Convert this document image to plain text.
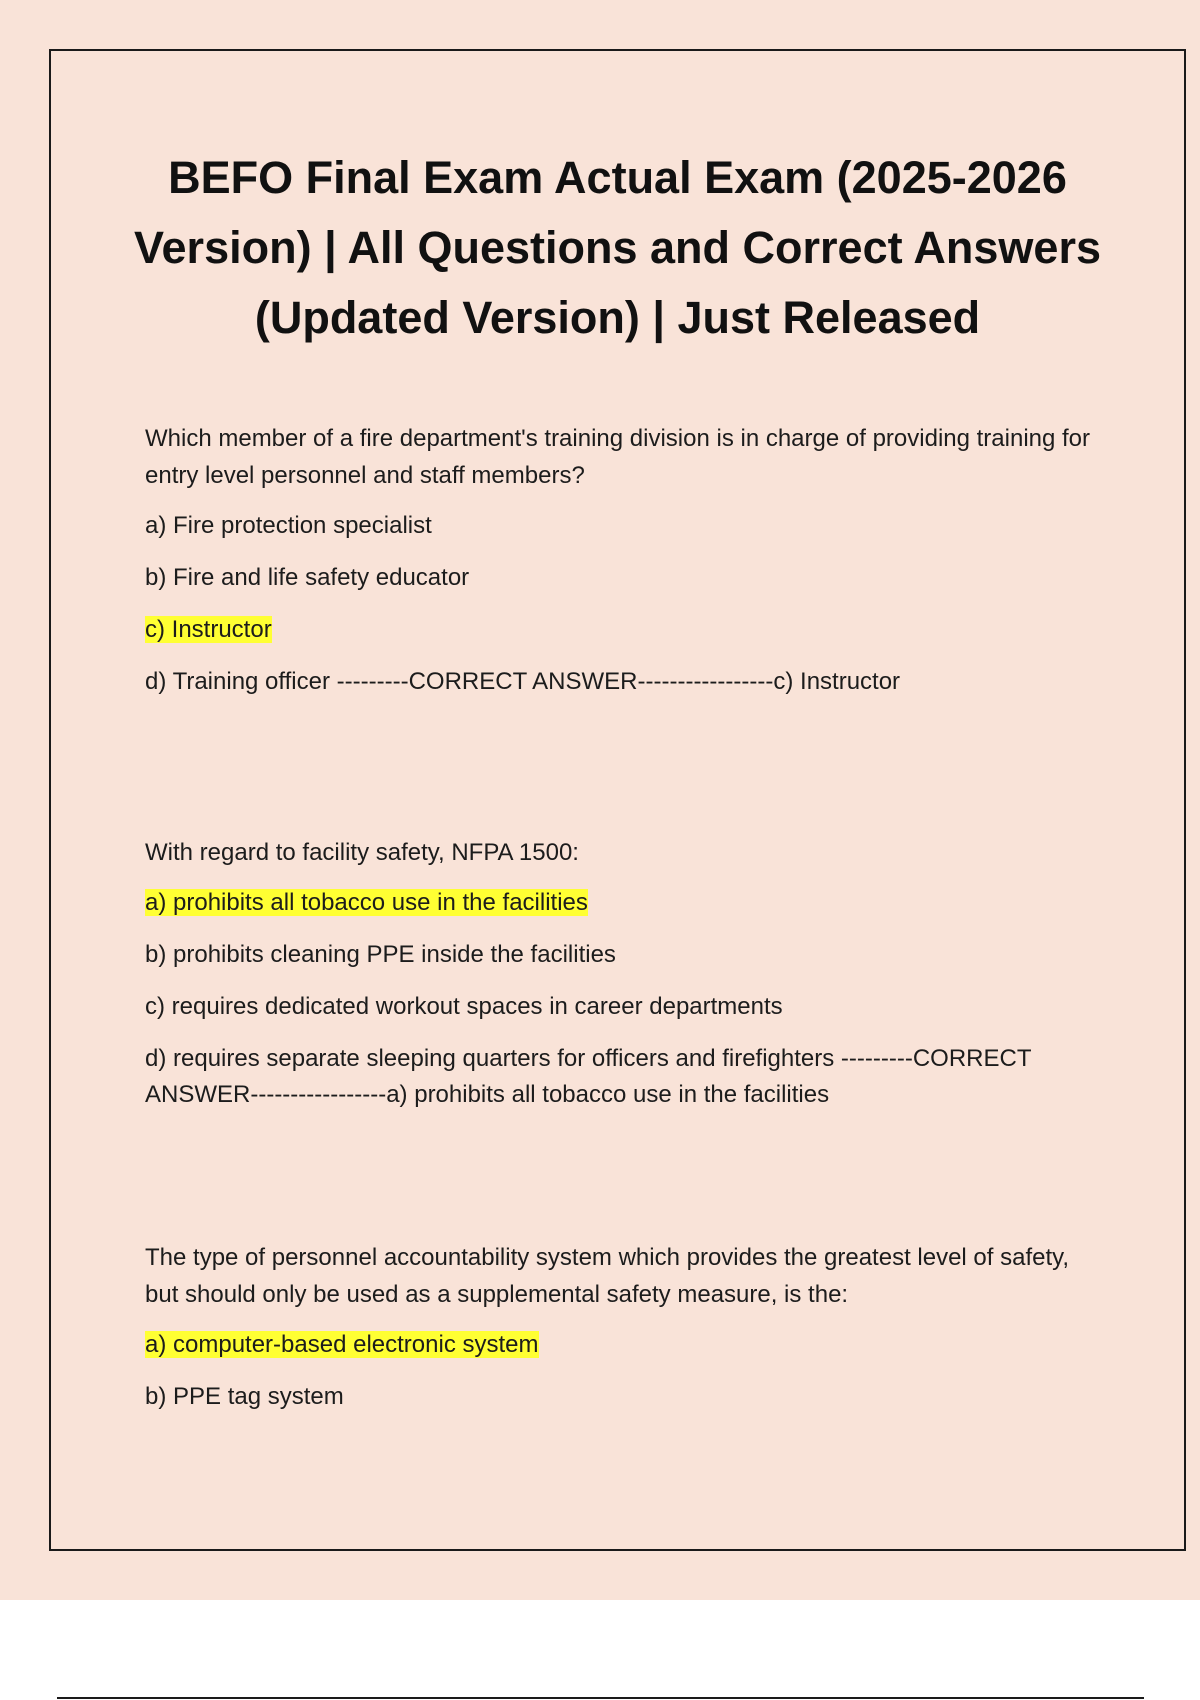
BEFO Final Exam Actual Exam (2025-2026 Version) | All Questions and Correct Answers (Updated Version) | Just Released

Which member of a fire department's training division is in charge of providing training for entry level personnel and staff members?

a) Fire protection specialist

b) Fire and life safety educator

c) Instructor

d) Training officer ---------CORRECT ANSWER-----------------c) Instructor

With regard to facility safety, NFPA 1500:

a) prohibits all tobacco use in the facilities

b) prohibits cleaning PPE inside the facilities

c) requires dedicated workout spaces in career departments

d) requires separate sleeping quarters for officers and firefighters ---------CORRECT ANSWER-----------------a) prohibits all tobacco use in the facilities

The type of personnel accountability system which provides the greatest level of safety, but should only be used as a supplemental safety measure, is the:

a) computer-based electronic system

b) PPE tag system
